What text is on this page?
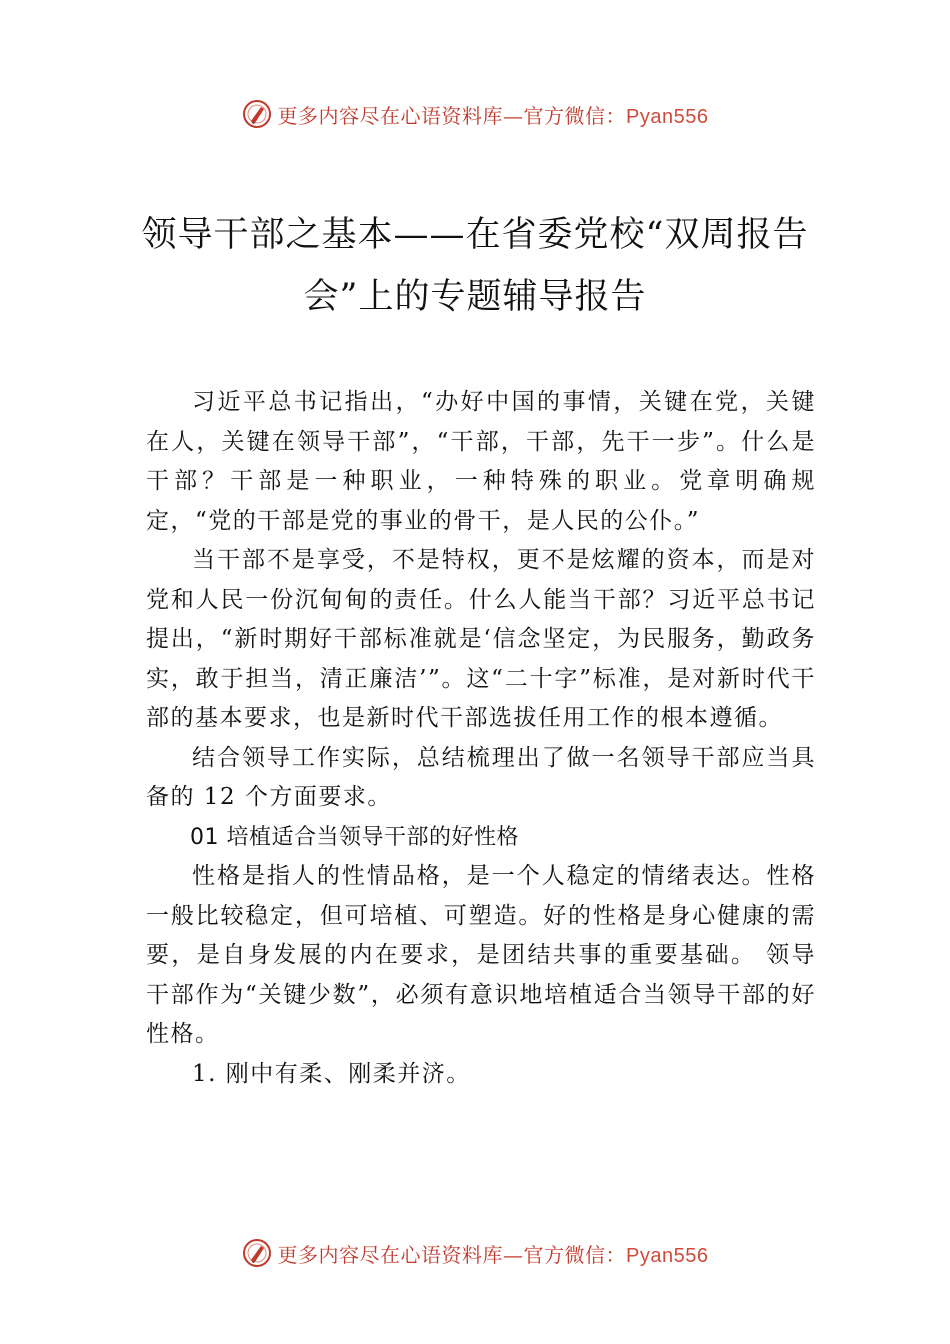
更多内容尽在心语资料库—官方微信：Pyan556
领导干部之基本——在省委党校“双周报告会”上的专题辅导报告

习近平总书记指出，“办好中国的事情，关键在党，关键在人，关键在领导干部”，“干部，干部，先干一步”。什么是干部？干部是一种职业，一种特殊的职业。党章明确规定，“党的干部是党的事业的骨干，是人民的公仆。”

当干部不是享受，不是特权，更不是炫耀的资本，而是对党和人民一份沉甸甸的责任。什么人能当干部？习近平总书记提出，“新时期好干部标准就是‘信念坚定，为民服务，勤政务实，敢于担当，清正廉洁’”。这“二十字”标准，是对新时代干部的基本要求，也是新时代干部选拔任用工作的根本遵循。

结合领导工作实际，总结梳理出了做一名领导干部应当具备的 12 个方面要求。

01 培植适合当领导干部的好性格

性格是指人的性情品格，是一个人稳定的情绪表达。性格一般比较稳定，但可培植、可塑造。好的性格是身心健康的需要，是自身发展的内在要求，是团结共事的重要基础。 领导干部作为“关键少数”，必须有意识地培植适合当领导干部的好性格。

1. 刚中有柔、刚柔并济。

更多内容尽在心语资料库—官方微信：Pyan556
